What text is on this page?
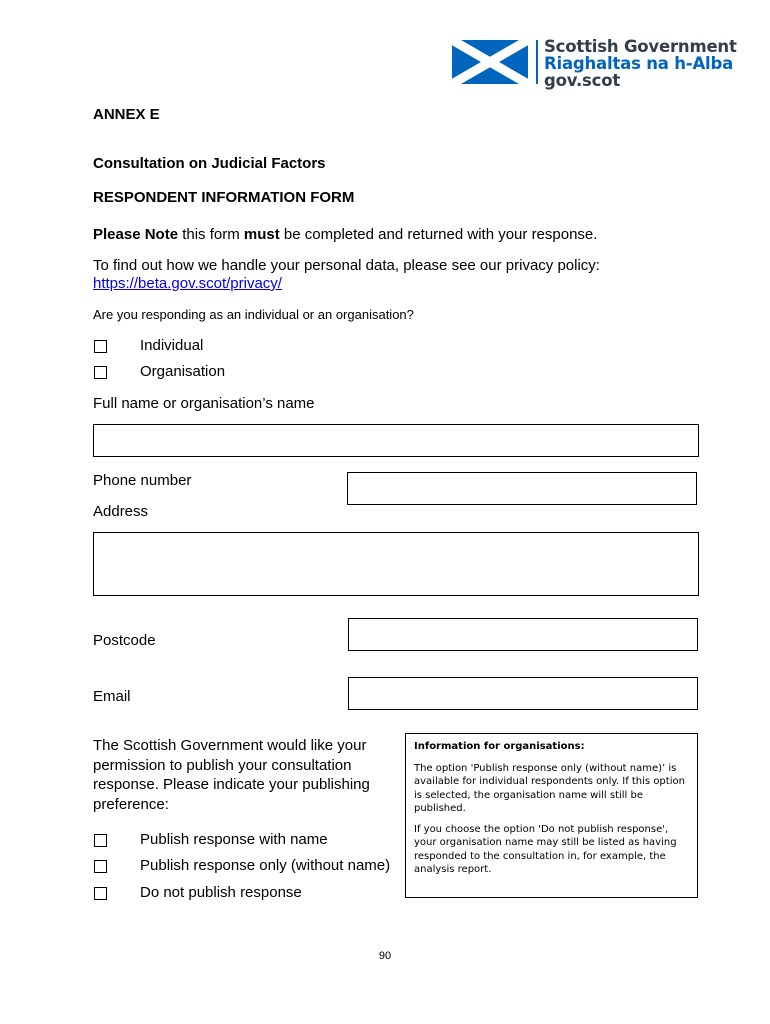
Scottish Government
Riaghaltas na h-Alba
gov.scot
ANNEX E
Consultation on Judicial Factors
RESPONDENT INFORMATION FORM
Please Note this form must be completed and returned with your response.
To find out how we handle your personal data, please see our privacy policy:
https://beta.gov.scot/privacy/
Are you responding as an individual or an organisation?
Individual
Organisation
Full name or organisation’s name
Phone number
Address
Postcode
Email
The Scottish Government would like your permission to publish your consultation response. Please indicate your publishing preference:
Publish response with name
Publish response only (without name)
Do not publish response
Information for organisations:

The option 'Publish response only (without name)’ is available for individual respondents only. If this option is selected, the organisation name will still be published.

If you choose the option 'Do not publish response', your organisation name may still be listed as having responded to the consultation in, for example, the analysis report.

90
